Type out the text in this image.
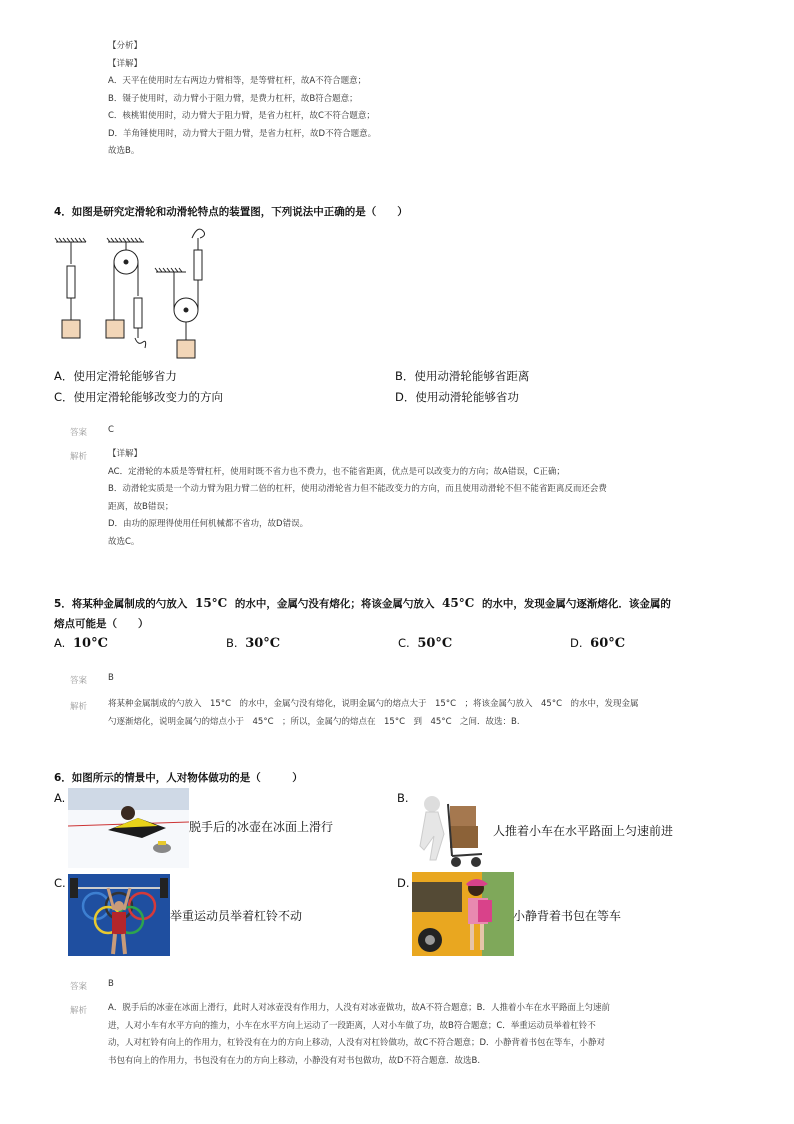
【分析】
【详解】
A．天平在使用时左右两边力臂相等，是等臂杠杆，故A不符合题意；
B．镊子使用时，动力臂小于阻力臂，是费力杠杆，故B符合题意；
C．核桃钳使用时，动力臂大于阻力臂，是省力杠杆，故C不符合题意；
D．羊角锤使用时，动力臂大于阻力臂，是省力杠杆，故D不符合题意。
故选B。
4．如图是研究定滑轮和动滑轮特点的装置图，下列说法中正确的是（　　）
A．使用定滑轮能够省力	B．使用动滑轮能够省距离
C．使用定滑轮能够改变力的方向	D．使用动滑轮能够省功
答案 C
解析 【详解】
AC．定滑轮的本质是等臂杠杆，使用时既不省力也不费力，也不能省距离，优点是可以改变力的方向；故A错误，C正确；
B．动滑轮实质是一个动力臂为阻力臂二倍的杠杆，使用动滑轮省力但不能改变力的方向，而且使用动滑轮不但不能省距离反而还会费
距离，故B错误；
D．由功的原理得使用任何机械都不省功，故D错误。
故选C。
5．将某种金属制成的勺放入 15°C 的水中，金属勺没有熔化；将该金属勺放入 45°C 的水中，发现金属勺逐渐熔化．该金属的
熔点可能是（　　）
A. 10°C	B. 30°C	C. 50°C	D. 60°C
答案 B
解析 将某种金属制成的勺放入　15°C　的水中，金属勺没有熔化，说明金属勺的熔点大于　15°C　；将该金属勺放入　45°C　的水中，发现金属
勺逐渐熔化，说明金属勺的熔点小于　45°C　；所以，金属勺的熔点在　15°C　到　45°C　之间．故选：B.
6．如图所示的情景中，人对物体做功的是（　　　）
A.
脱手后的冰壶在冰面上滑行
B.
人推着小车在水平路面上匀速前进
C.
举重运动员举着杠铃不动
D.
小静背着书包在等车
答案 B
解析 A．脱手后的冰壶在冰面上滑行，此时人对冰壶没有作用力，人没有对冰壶做功，故A不符合题意；B．人推着小车在水平路面上匀速前
进，人对小车有水平方向的推力，小车在水平方向上运动了一段距离，人对小车做了功，故B符合题意；C．举重运动员举着杠铃不
动，人对杠铃有向上的作用力，杠铃没有在力的方向上移动，人没有对杠铃做功，故C不符合题意；D．小静背着书包在等车，小静对
书包有向上的作用力，书包没有在力的方向上移动，小静没有对书包做功，故D不符合题意．故选B.
